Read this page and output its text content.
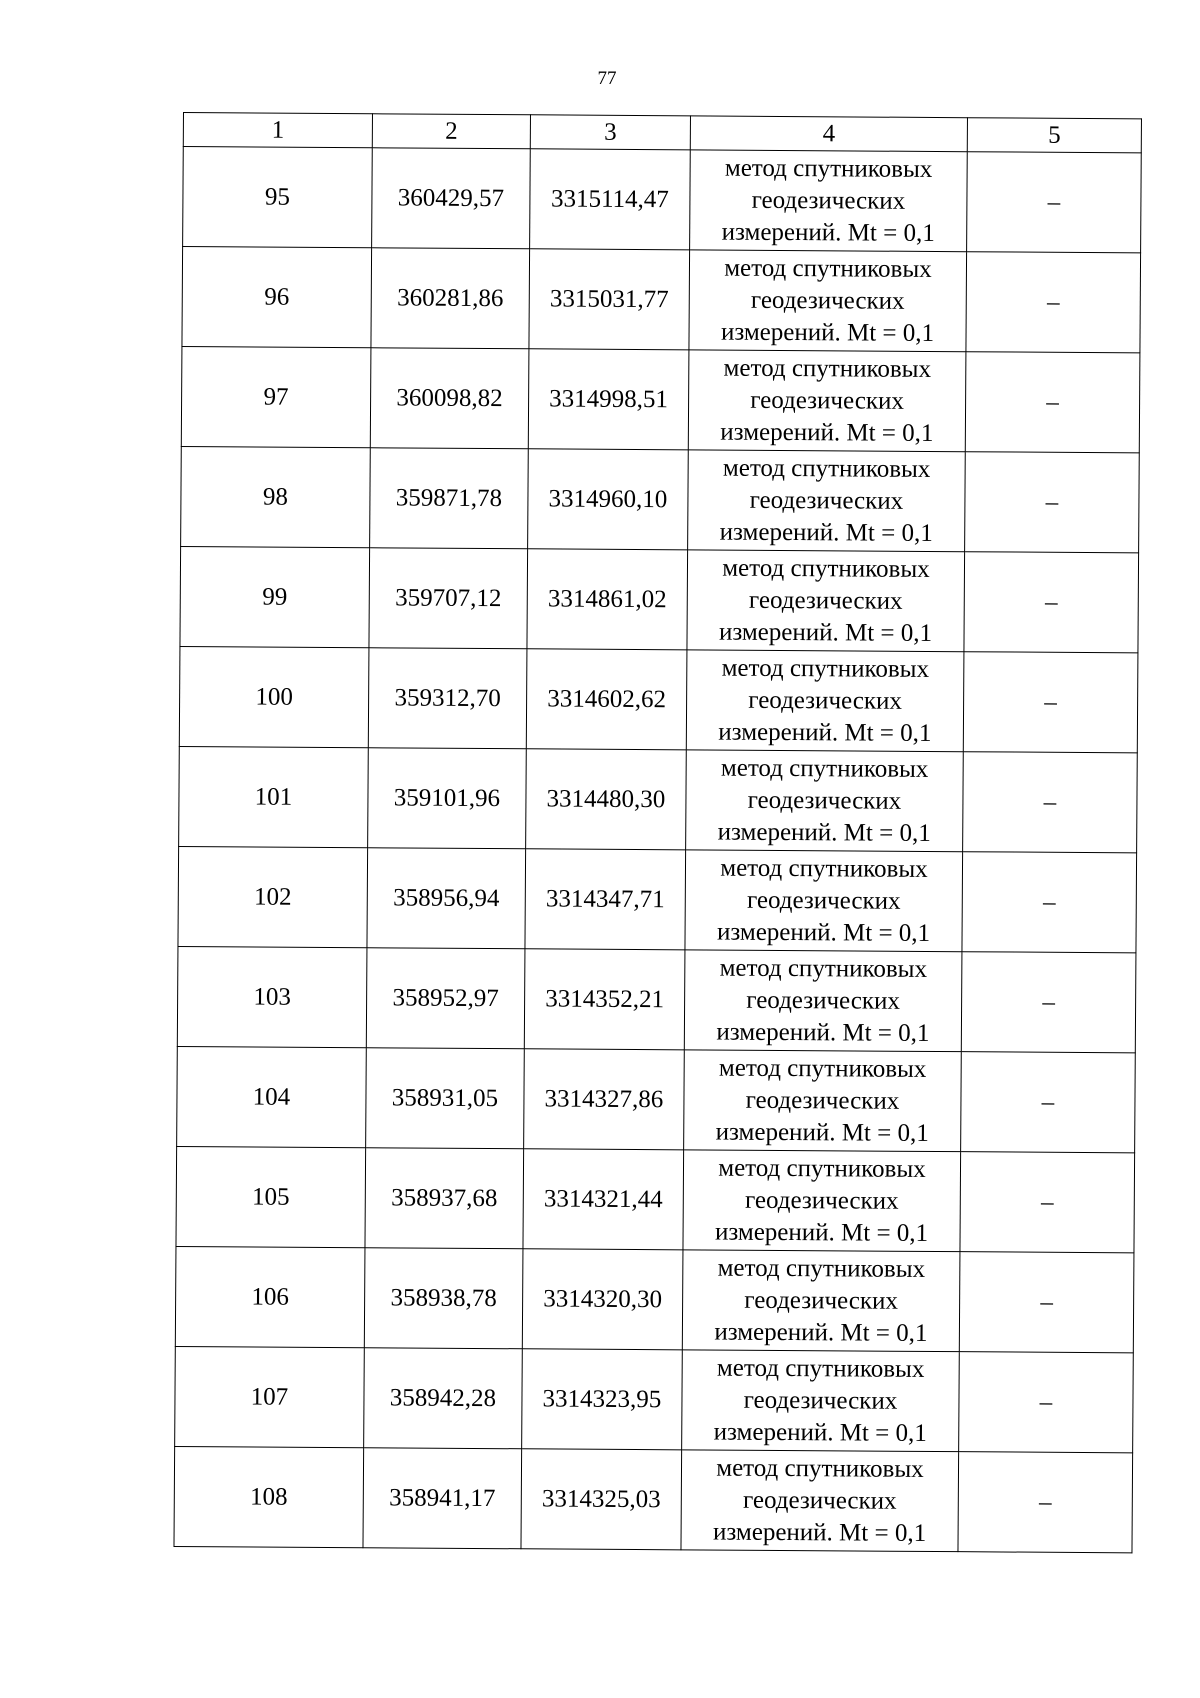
77
1	2	3	4	5
95	360429,57	3315114,47	метод спутниковых
геодезических
измерений. Mt = 0,1	–
96	360281,86	3315031,77	метод спутниковых
геодезических
измерений. Mt = 0,1	–
97	360098,82	3314998,51	метод спутниковых
геодезических
измерений. Mt = 0,1	–
98	359871,78	3314960,10	метод спутниковых
геодезических
измерений. Mt = 0,1	–
99	359707,12	3314861,02	метод спутниковых
геодезических
измерений. Mt = 0,1	–
100	359312,70	3314602,62	метод спутниковых
геодезических
измерений. Mt = 0,1	–
101	359101,96	3314480,30	метод спутниковых
геодезических
измерений. Mt = 0,1	–
102	358956,94	3314347,71	метод спутниковых
геодезических
измерений. Mt = 0,1	–
103	358952,97	3314352,21	метод спутниковых
геодезических
измерений. Mt = 0,1	–
104	358931,05	3314327,86	метод спутниковых
геодезических
измерений. Mt = 0,1	–
105	358937,68	3314321,44	метод спутниковых
геодезических
измерений. Mt = 0,1	–
106	358938,78	3314320,30	метод спутниковых
геодезических
измерений. Mt = 0,1	–
107	358942,28	3314323,95	метод спутниковых
геодезических
измерений. Mt = 0,1	–
108	358941,17	3314325,03	метод спутниковых
геодезических
измерений. Mt = 0,1	–
